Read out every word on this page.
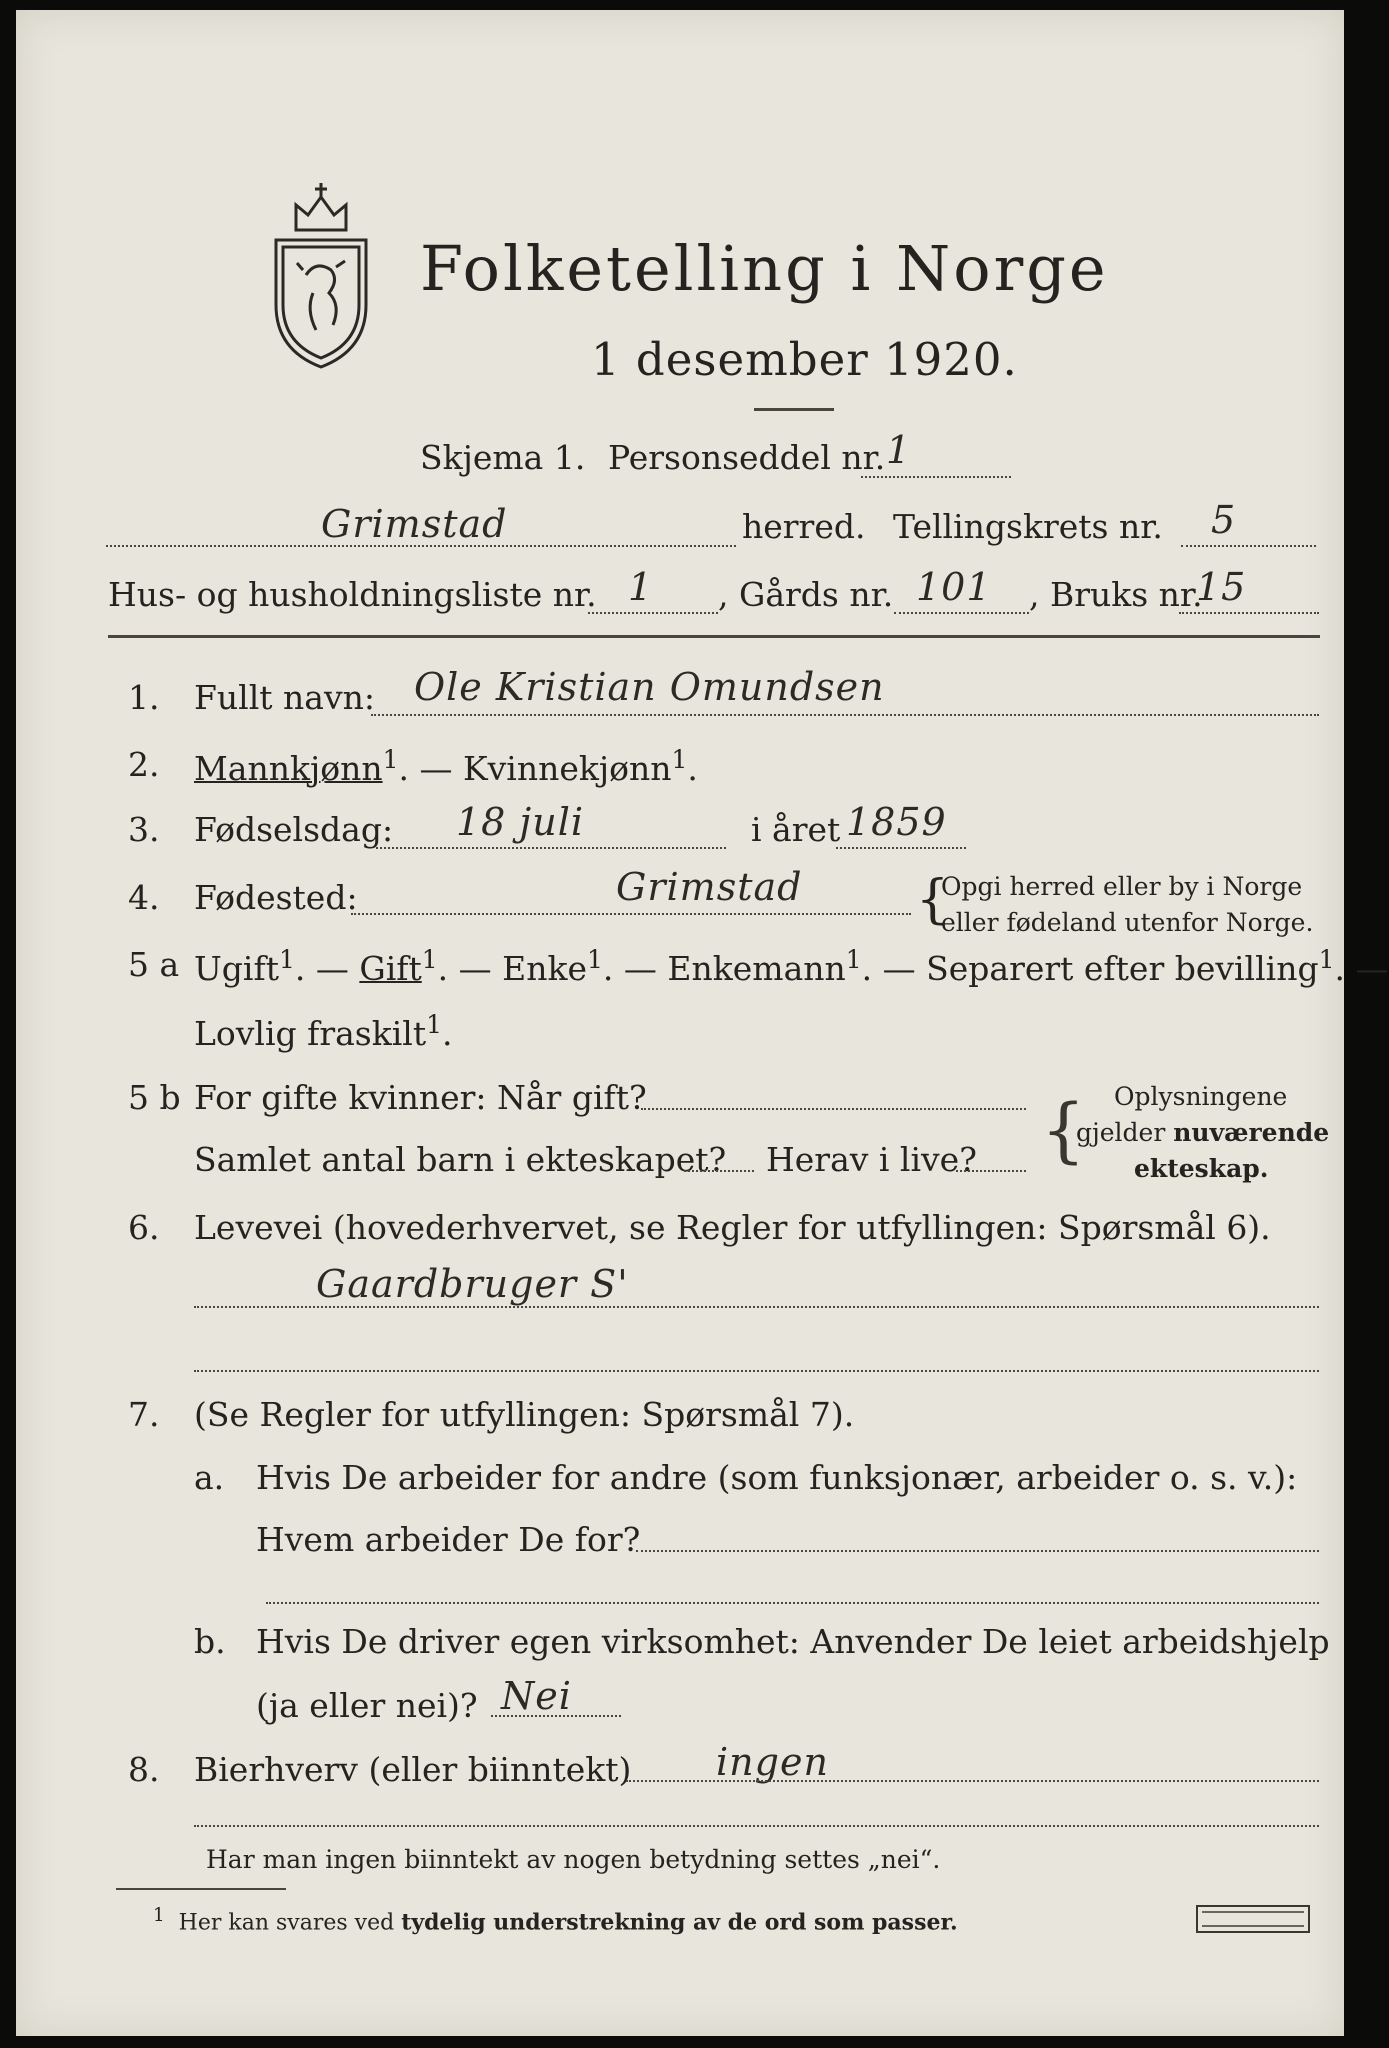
Folketelling i Norge
1 desember 1920.
Skjema 1. Personseddel nr. 1
Grimstad	herred. Tellingskrets nr. 5
Hus- og husholdningsliste nr. 1 , Gårds nr. 101 , Bruks nr.
15
1. Fullt navn: Ole Kristian Omundsen
2. Mannkjønn$^1$. — Kvinnekjønn$^1$.
3. Fødselsdag: 18 juli	i året 1859
4. Fødested:	Grimstad {
Opgi herred eller by i Norge
eller fødeland utenfor Norge.
5 a Ugift$^1$. — Gift$^1$. — Enke$^1$. — Enkemann$^1$. — Separert efter bevilling$^1$. —
Lovlig fraskilt$^1$.
5 b For gifte kvinner: Når gift?
Samlet antal barn i ekteskapet? Herav i live? { Oplysningene
gjelder nuværende
ekteskap.
6. Levevei (hovederhvervet, se Regler for utfyllingen: Spørsmål 6).
Gaardbruger S'
7. (Se Regler for utfyllingen: Spørsmål 7).
a. Hvis De arbeider for andre (som funksjonær, arbeider o. s. v.):
Hvem arbeider De for?
b. Hvis De driver egen virksomhet: Anvender De leiet arbeidshjelp
(ja eller nei)? Nei
8. Bierhverv (eller biinntekt) ingen
Har man ingen biinntekt av nogen betydning settes „nei“.
$^1$ Her kan svares ved tydelig understrekning av de ord som passer.
